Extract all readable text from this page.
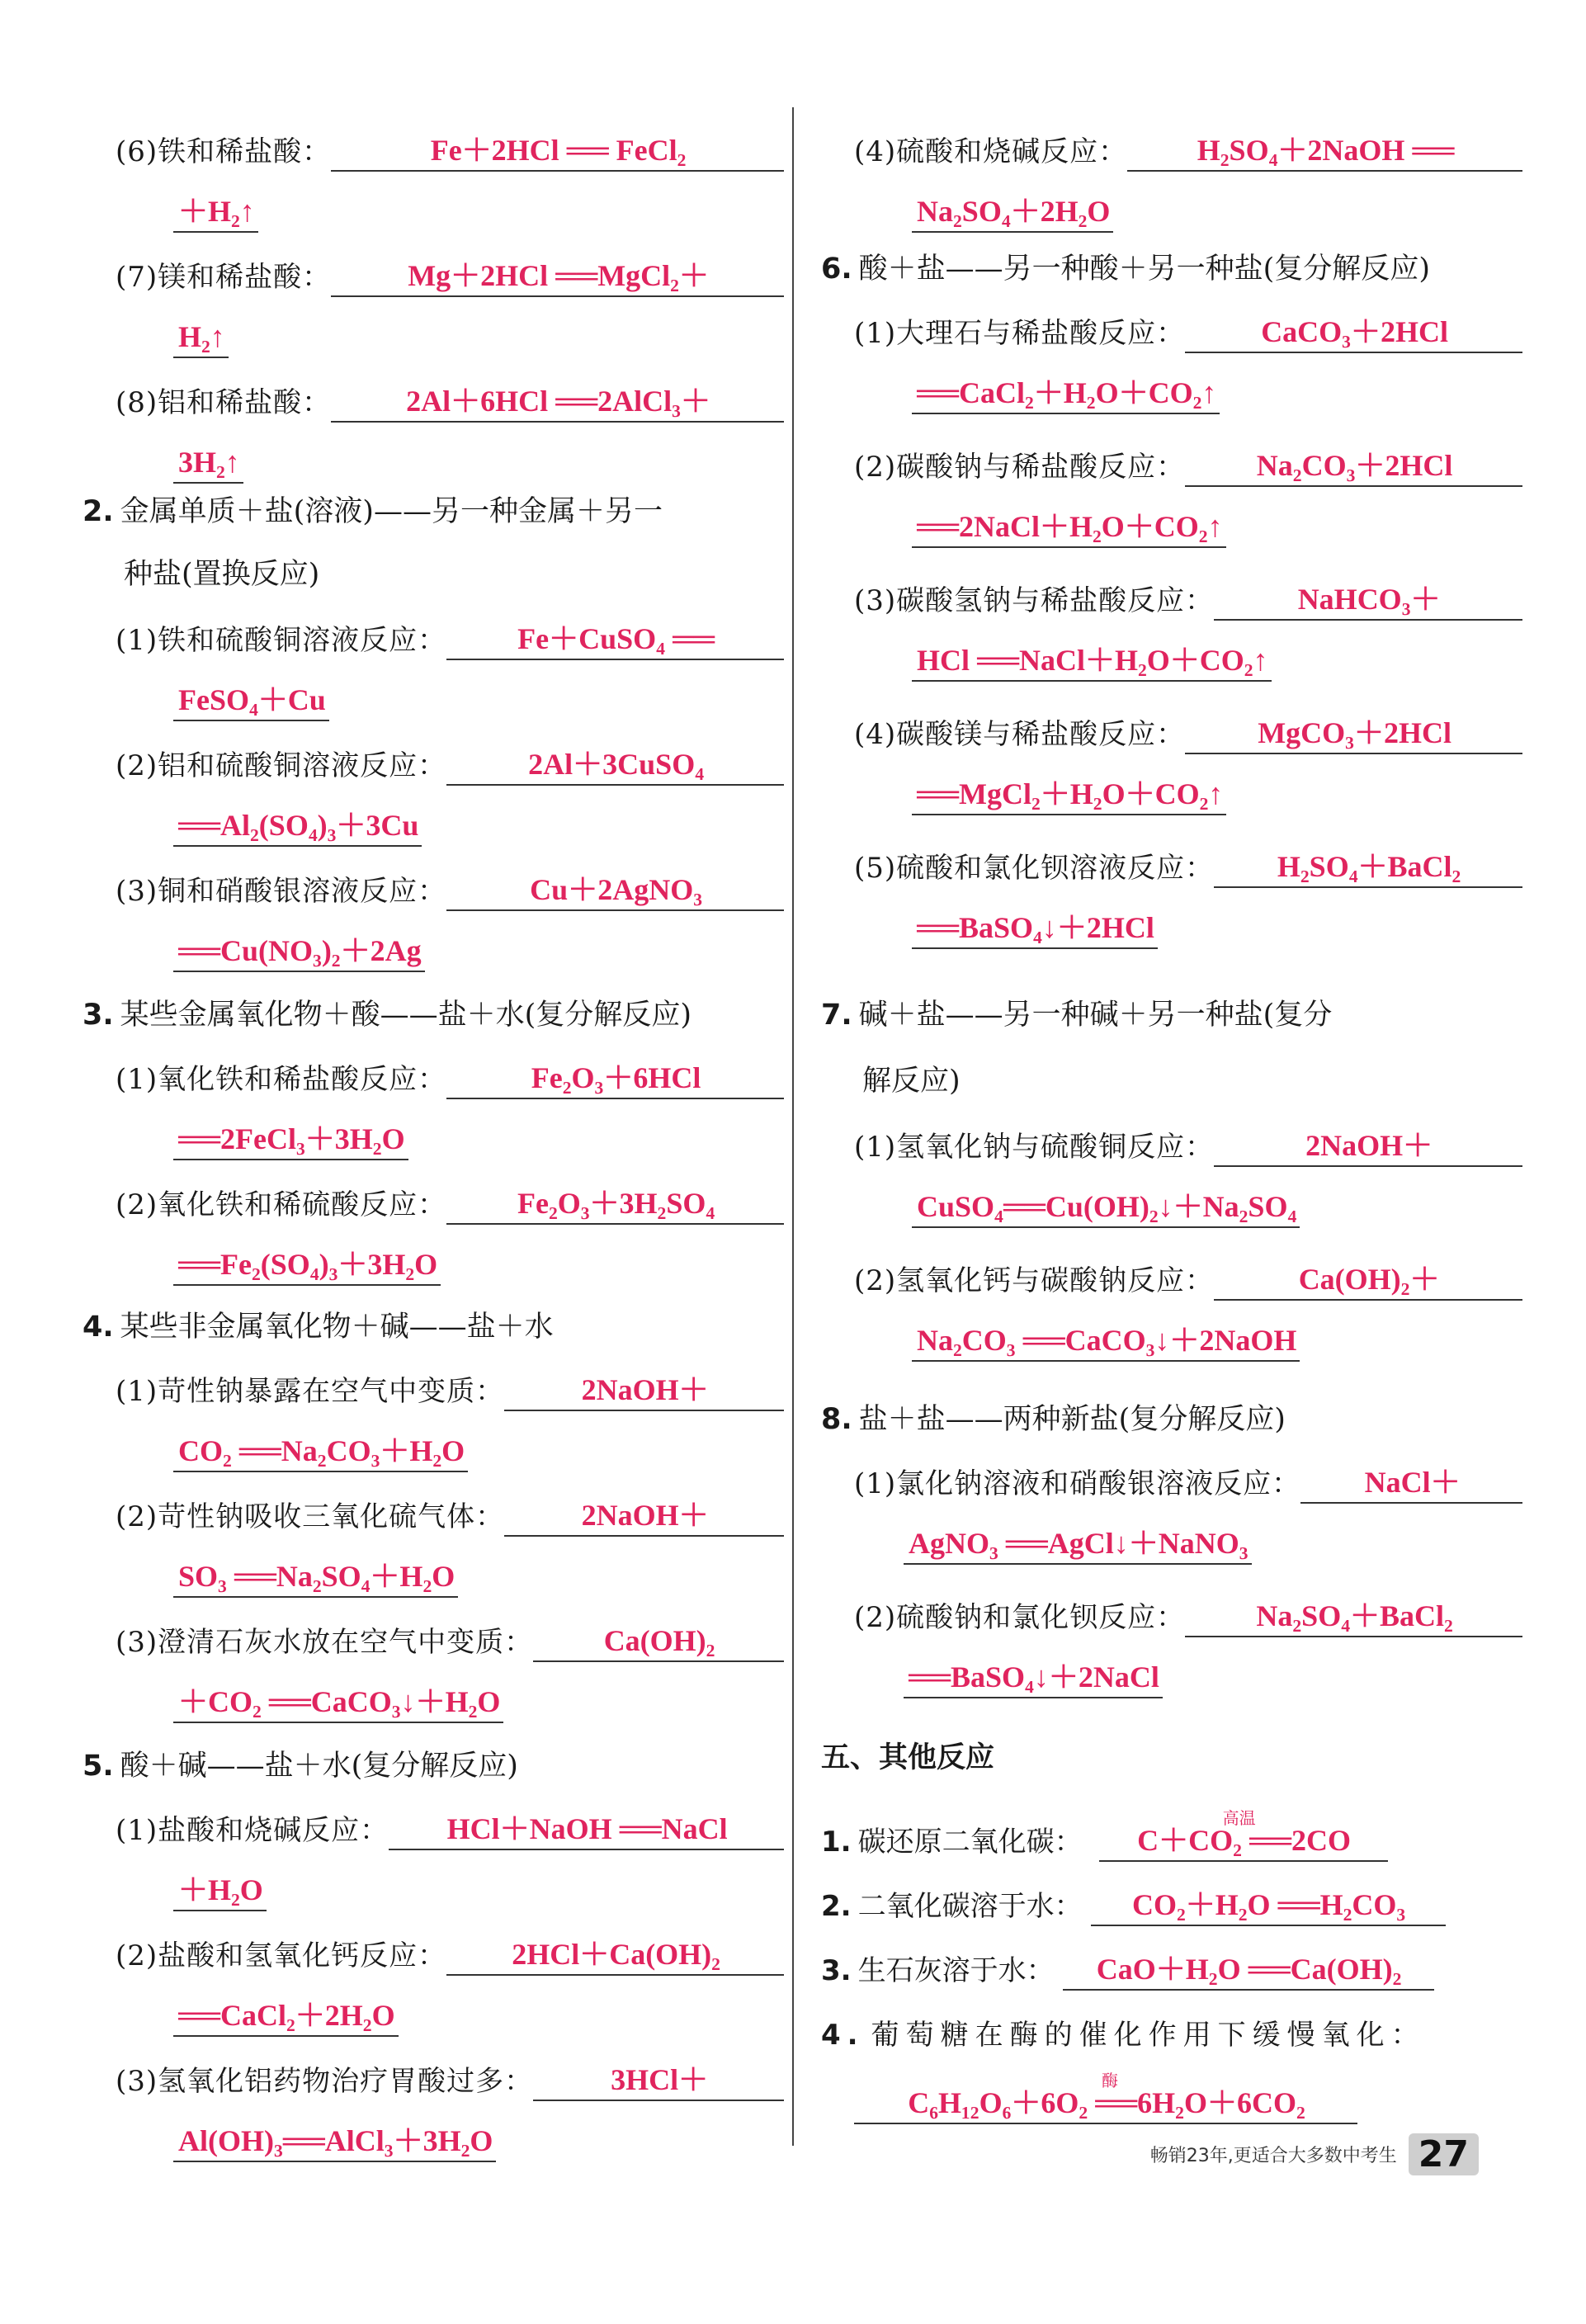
(6)铁和稀盐酸：	Fe＋2HCl ══ FeCl₂
＋H₂↑
(7)镁和稀盐酸：	Mg＋2HCl ══MgCl₂＋
H₂↑
(8)铝和稀盐酸：	2Al＋6HCl ══2AlCl₃＋
3H₂↑
2. 金属单质＋盐(溶液)——另一种金属＋另一
种盐(置换反应)
(1)铁和硫酸铜溶液反应：	Fe＋CuSO₄ ══
FeSO₄＋Cu
(2)铝和硫酸铜溶液反应：	2Al＋3CuSO₄
══Al₂(SO₄)₃＋3Cu
(3)铜和硝酸银溶液反应：	Cu＋2AgNO₃
══Cu(NO₃)₂＋2Ag
3. 某些金属氧化物＋酸——盐＋水(复分解反应)
(1)氧化铁和稀盐酸反应：	Fe₂O₃＋6HCl
══2FeCl₃＋3H₂O
(2)氧化铁和稀硫酸反应：	Fe₂O₃＋3H₂SO₄
══Fe₂(SO₄)₃＋3H₂O
4. 某些非金属氧化物＋碱——盐＋水
(1)苛性钠暴露在空气中变质：	2NaOH＋
CO₂ ══Na₂CO₃＋H₂O
(2)苛性钠吸收三氧化硫气体：	2NaOH＋
SO₃ ══Na₂SO₄＋H₂O
(3)澄清石灰水放在空气中变质：	Ca(OH)₂
＋CO₂ ══CaCO₃↓＋H₂O
5. 酸＋碱——盐＋水(复分解反应)
(1)盐酸和烧碱反应：	HCl＋NaOH ══NaCl
＋H₂O
(2)盐酸和氢氧化钙反应：	2HCl＋Ca(OH)₂
══CaCl₂＋2H₂O
(3)氢氧化铝药物治疗胃酸过多：	3HCl＋
Al(OH)₃══AlCl₃＋3H₂O
(4)硫酸和烧碱反应：	H₂SO₄＋2NaOH ══
Na₂SO₄＋2H₂O
6. 酸＋盐——另一种酸＋另一种盐(复分解反应)
(1)大理石与稀盐酸反应：	CaCO₃＋2HCl
══CaCl₂＋H₂O＋CO₂↑
(2)碳酸钠与稀盐酸反应：	Na₂CO₃＋2HCl
══2NaCl＋H₂O＋CO₂↑
(3)碳酸氢钠与稀盐酸反应：	NaHCO₃＋
HCl ══NaCl＋H₂O＋CO₂↑
(4)碳酸镁与稀盐酸反应：	MgCO₃＋2HCl
══MgCl₂＋H₂O＋CO₂↑
(5)硫酸和氯化钡溶液反应：	H₂SO₄＋BaCl₂
══BaSO₄↓＋2HCl
7. 碱＋盐——另一种碱＋另一种盐(复分
解反应)
(1)氢氧化钠与硫酸铜反应：	2NaOH＋
CuSO₄══Cu(OH)₂↓＋Na₂SO₄
(2)氢氧化钙与碳酸钠反应：	Ca(OH)₂＋
Na₂CO₃ ══CaCO₃↓＋2NaOH
8. 盐＋盐——两种新盐(复分解反应)
(1)氯化钠溶液和硝酸银溶液反应：	NaCl＋
AgNO₃ ══AgCl↓＋NaNO₃
(2)硫酸钠和氯化钡反应：	Na₂SO₄＋BaCl₂
══BaSO₄↓＋2NaCl
五、其他反应
1. 碳还原二氧化碳：
高温
C＋CO₂ ══2CO
2. 二氧化碳溶于水：	CO₂＋H₂O ══H₂CO₃
3. 生石灰溶于水：	CaO＋H₂O ══Ca(OH)₂
4. 葡萄糖在酶的催化作用下缓慢氧化：
酶
C₆H₁₂O₆＋6O₂ ══6H₂O＋6CO₂
畅销23年,更适合大多数中考生 27
